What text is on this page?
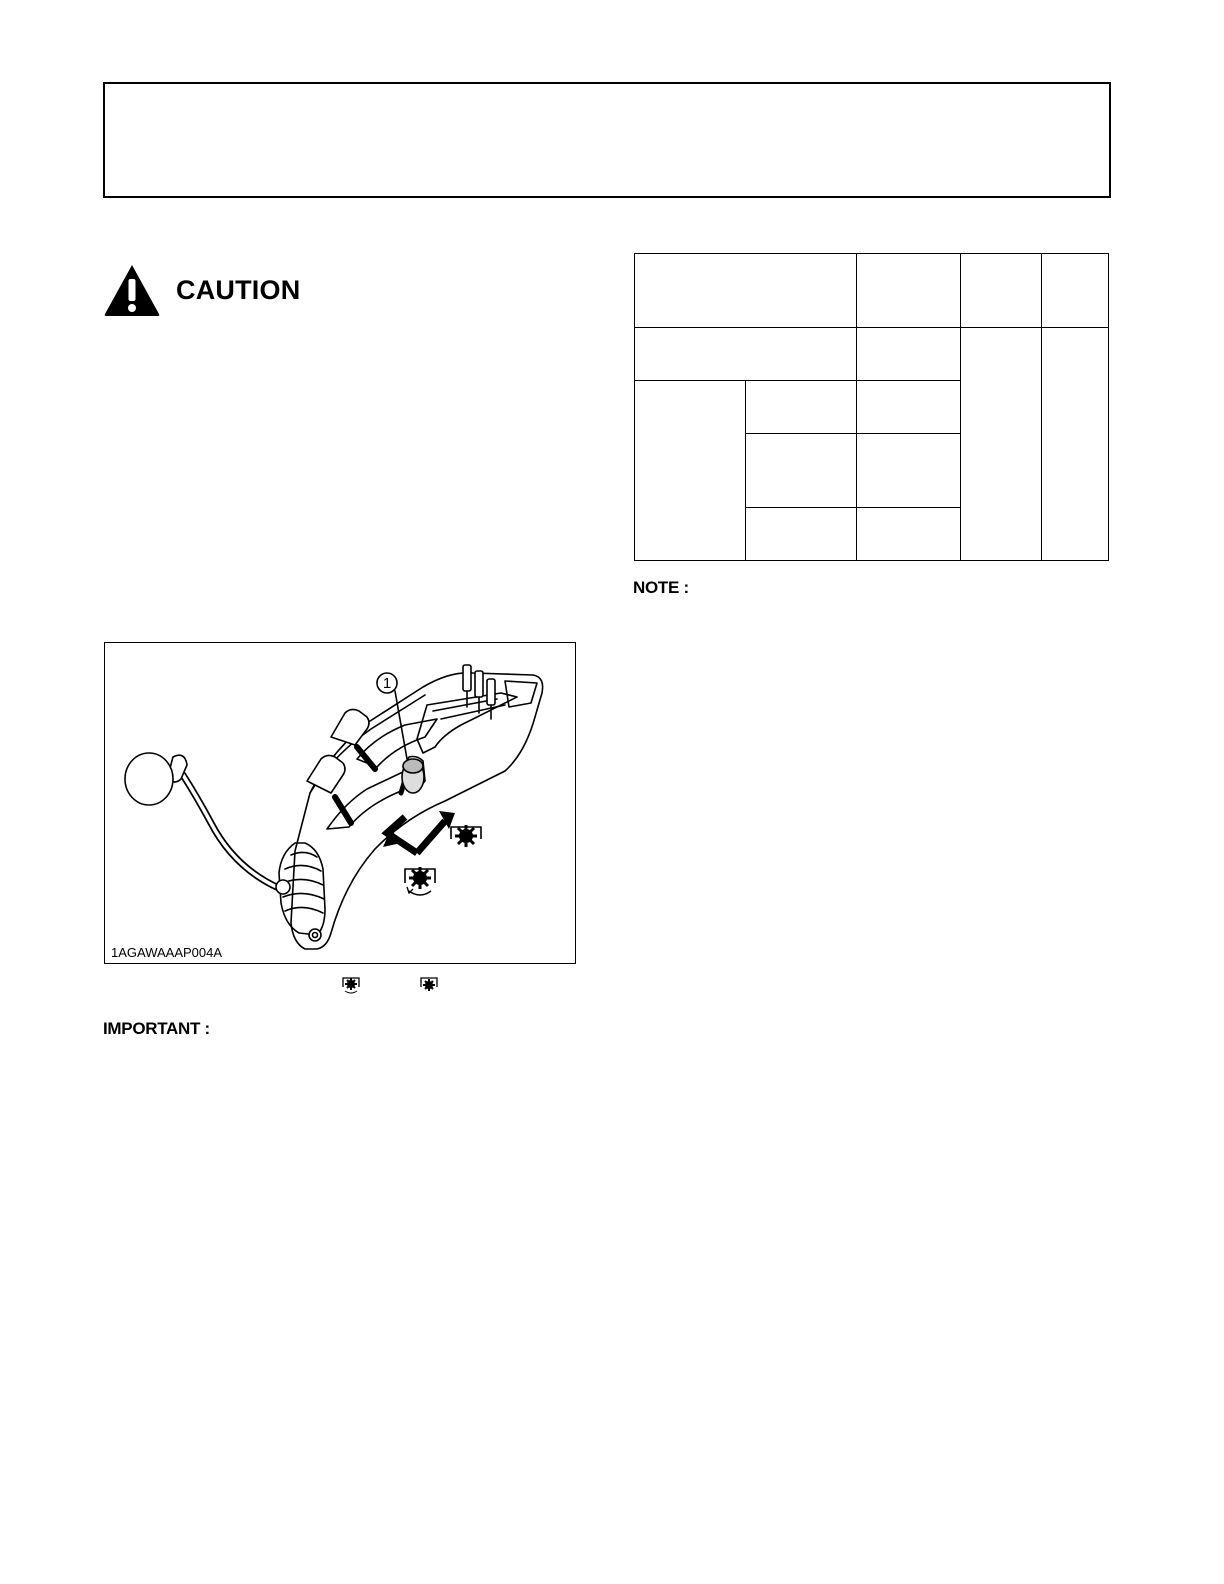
CAUTION

NOTE :
1
1AGAWAAAP004A
IMPORTANT :
